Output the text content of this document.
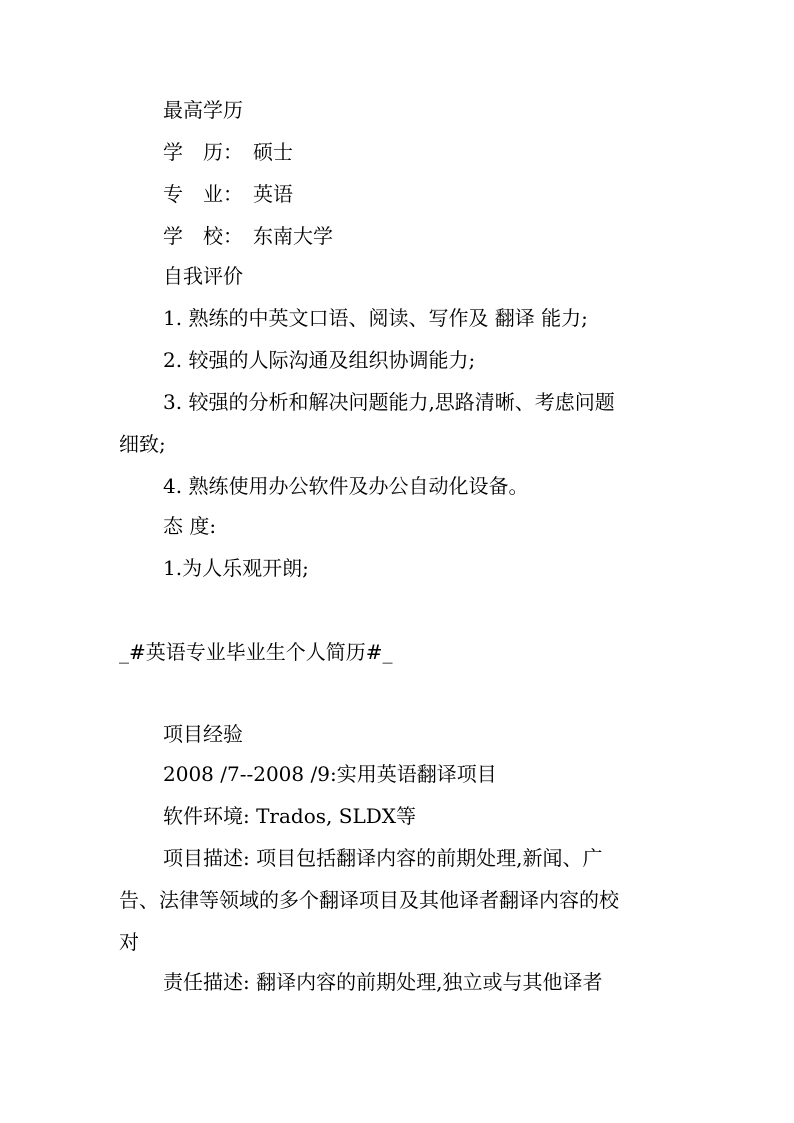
最高学历
学　历：　硕士
专　业：　英语
学　校：　东南大学
自我评价
1. 熟练的中英文口语、阅读、写作及 翻译 能力;
2. 较强的人际沟通及组织协调能力;
3. 较强的分析和解决问题能力,思路清晰、考虑问题
细致;
4. 熟练使用办公软件及办公自动化设备。
态 度:
1.为人乐观开朗;
_#英语专业毕业生个人简历#_
项目经验
2008 /7--2008 /9:实用英语翻译项目
软件环境: Trados, SLDX等
项目描述: 项目包括翻译内容的前期处理,新闻、广
告、法律等领域的多个翻译项目及其他译者翻译内容的校
对
责任描述: 翻译内容的前期处理,独立或与其他译者
